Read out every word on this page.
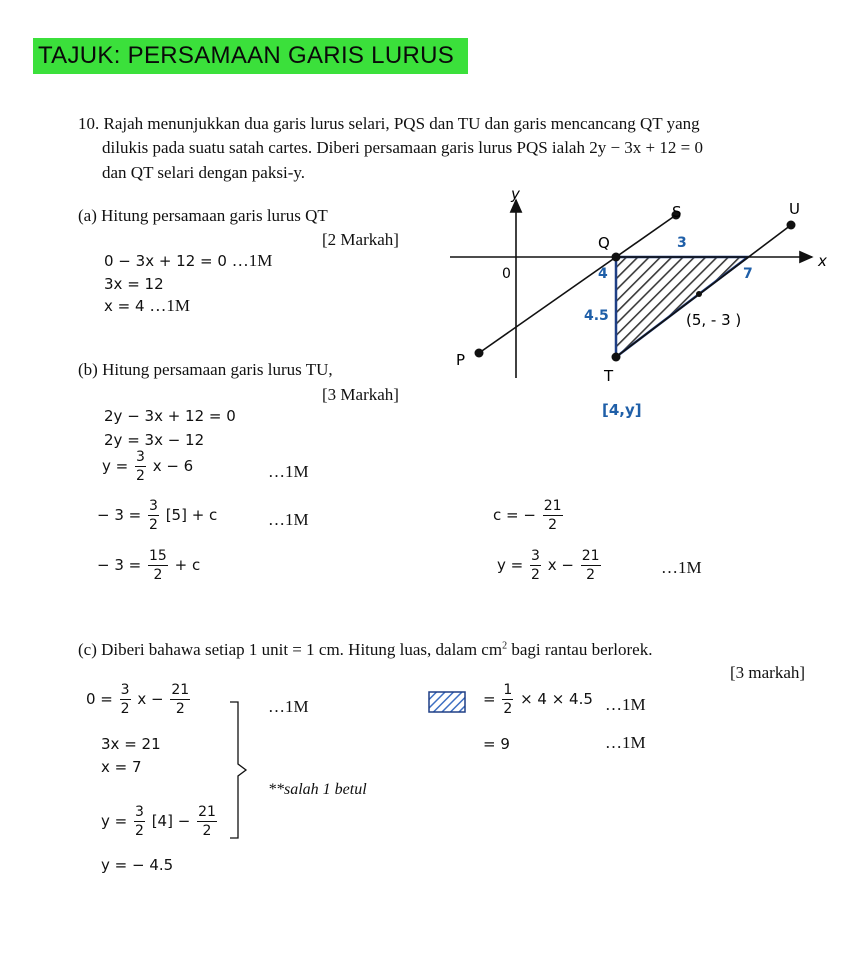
TAJUK: PERSAMAAN GARIS LURUS
10. Rajah menunjukkan dua garis lurus selari, PQS dan TU dan garis mencancang QT yang
dilukis pada suatu satah cartes. Diberi persamaan garis lurus PQS ialah 2y − 3x + 12 = 0
dan QT selari dengan paksi-y.
(a) Hitung persamaan garis lurus QT
[2 Markah]
0 − 3x + 12 = 0 …1M
3x = 12
x = 4 …1M
(b) Hitung persamaan garis lurus TU,
[3 Markah]
2y − 3x + 12 = 0
2y = 3x − 12
$y = \frac{3}{2}$ x − 6	…1M
− $3 = \frac{3}{2} [5] + c$	…1M
− $3 = \frac{15}{2} + c$
c = − $\frac{21}{2}$
$y = \frac{3}{2}$ $x - \frac{21}{2}$	…1M
(c) Diberi bahawa setiap 1 unit = 1 cm. Hitung luas, dalam $cm^2$ bagi rantau berlorek.
[3 markah]
$0 = \frac{3}{2}$ $x - \frac{21}{2}$	…1M
3x = 21
x = 7
**salah 1 betul
$y = \frac{3}{2} [4] - \frac{21}{2}$
y = − 4.5
= $\frac{1}{2} \times 4 \times 4.5$ …1M
= 9	…1M
y
x
0
P
Q
S
T
U
3
4	7
4.5	(5, - 3 )
[4,y]
